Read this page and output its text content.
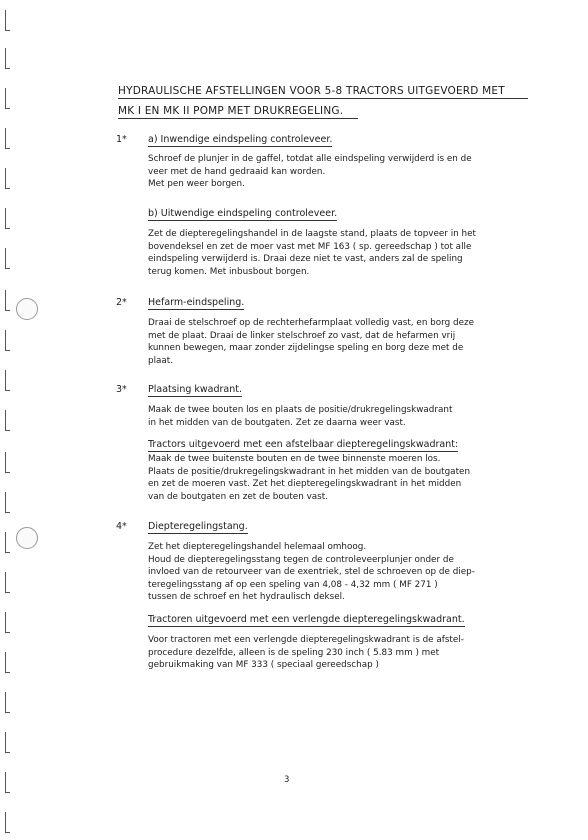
HYDRAULISCHE AFSTELLINGEN VOOR 5-8 TRACTORS UITGEVOERD MET
MK I EN MK II POMP MET DRUKREGELING.
1* a) Inwendige eindspeling controleveer.

Schroef de plunjer in de gaffel, totdat alle eindspeling verwijderd is en de
veer met de hand gedraaid kan worden.
Met pen weer borgen.

b) Uitwendige eindspeling controleveer.

Zet de diepteregelingshandel in de laagste stand, plaats de topveer in het
bovendeksel en zet de moer vast met MF 163 ( sp. gereedschap ) tot alle
eindspeling verwijderd is. Draai deze niet te vast, anders zal de speling
terug komen. Met inbusbout borgen.

2* Hefarm-eindspeling.

Draai de stelschroef op de rechterhefarmplaat volledig vast, en borg deze
met de plaat. Draai de linker stelschroef zo vast, dat de hefarmen vrij
kunnen bewegen, maar zonder zijdelingse speling en borg deze met de
plaat.

3* Plaatsing kwadrant.

Maak de twee bouten los en plaats de positie/drukregelingskwadrant
in het midden van de boutgaten. Zet ze daarna weer vast.

Tractors uitgevoerd met een afstelbaar diepteregelingskwadrant:

Maak de twee buitenste bouten en de twee binnenste moeren los.
Plaats de positie/drukregelingskwadrant in het midden van de boutgaten
en zet de moeren vast. Zet het diepteregelingskwadrant in het midden
van de boutgaten en zet de bouten vast.

4* Diepteregelingstang.

Zet het diepteregelingshandel helemaal omhoog.
Houd de diepteregelingsstang tegen de controleveerplunjer onder de
invloed van de retourveer van de exentriek, stel de schroeven op de diep-
teregelingsstang af op een speling van 4,08 - 4,32 mm ( MF 271 )
tussen de schroef en het hydraulisch deksel.

Tractoren uitgevoerd met een verlengde diepteregelingskwadrant.

Voor tractoren met een verlengde diepteregelingskwadrant is de afstel-
procedure dezelfde, alleen is de speling 230 inch ( 5.83 mm ) met
gebruikmaking van MF 333 ( speciaal gereedschap )

3
